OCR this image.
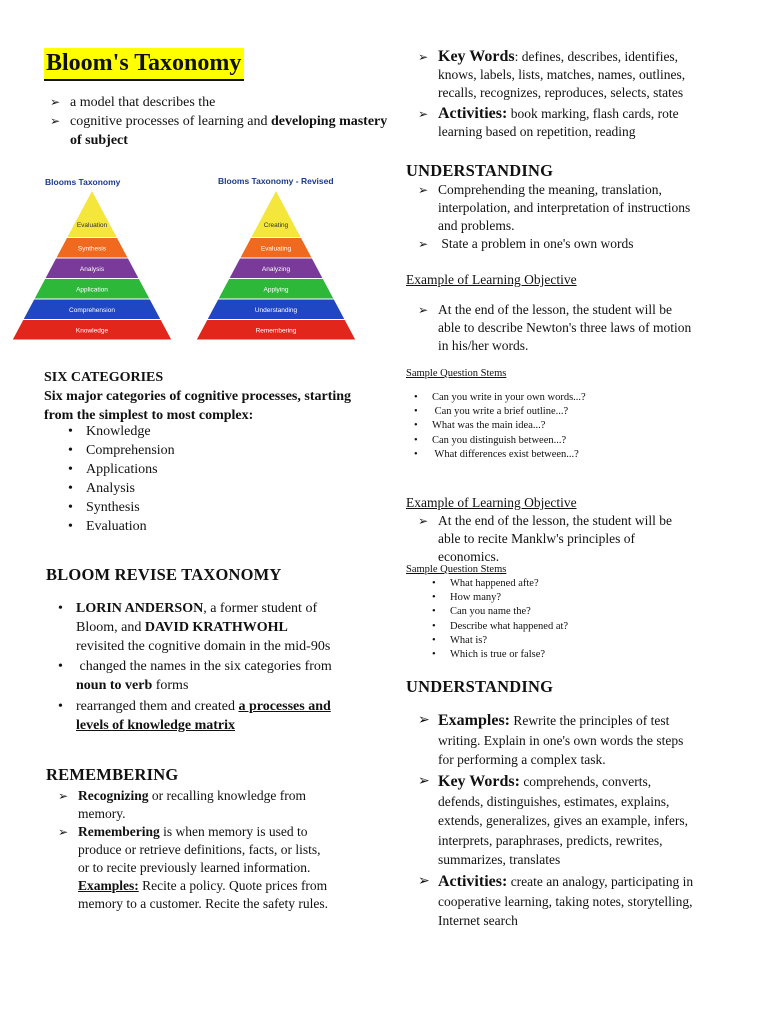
Bloom's Taxonomy
➢ a model that describes the
➢ cognitive processes of learning and developing mastery of subject
Blooms Taxonomy	Blooms Taxonomy - Revised
Evaluation
Synthesis
Analysis
Application
Comprehension
Knowledge
Creating
Evaluating
Analyzing
Applying
Understanding
Remembering
SIX CATEGORIES
Six major categories of cognitive processes, starting from the simplest to most complex:
• Knowledge
• Comprehension
• Applications
• Analysis
• Synthesis
• Evaluation
BLOOM REVISE TAXONOMY
• LORIN ANDERSON, a former student of
Bloom, and DAVID KRATHWOHL
revisited the cognitive domain in the mid-90s
• changed the names in the six categories from
noun to verb forms
• rearranged them and created a processes and
levels of knowledge matrix
REMEMBERING
➢ Recognizing or recalling knowledge from
memory.
➢ Remembering is when memory is used to
produce or retrieve definitions, facts, or lists,
or to recite previously learned information.
Examples: Recite a policy. Quote prices from
memory to a customer. Recite the safety rules.
➢ Key Words: defines, describes, identifies,
knows, labels, lists, matches, names, outlines,
recalls, recognizes, reproduces, selects, states
➢ Activities: book marking, flash cards, rote
learning based on repetition, reading
UNDERSTANDING
➢ Comprehending the meaning, translation,
interpolation, and interpretation of instructions
and problems.
➢ State a problem in one's own words
Example of Learning Objective
➢ At the end of the lesson, the student will be
able to describe Newton's three laws of motion
in his/her words.
Sample Question Stems
• Can you write in your own words...?
• Can you write a brief outline...?
• What was the main idea...?
• Can you distinguish between...?
• What differences exist between...?
Example of Learning Objective
➢ At the end of the lesson, the student will be
able to recite Manklw's principles of
economics.
Sample Question Stems
• What happened afte?
• How many?
• Can you name the?
• Describe what happened at?
• What is?
• Which is true or false?
UNDERSTANDING
➢ Examples: Rewrite the principles of test
writing. Explain in one's own words the steps
for performing a complex task.
➢ Key Words: comprehends, converts,
defends, distinguishes, estimates, explains,
extends, generalizes, gives an example, infers,
interprets, paraphrases, predicts, rewrites,
summarizes, translates
➢ Activities: create an analogy, participating in
cooperative learning, taking notes, storytelling,
Internet search
